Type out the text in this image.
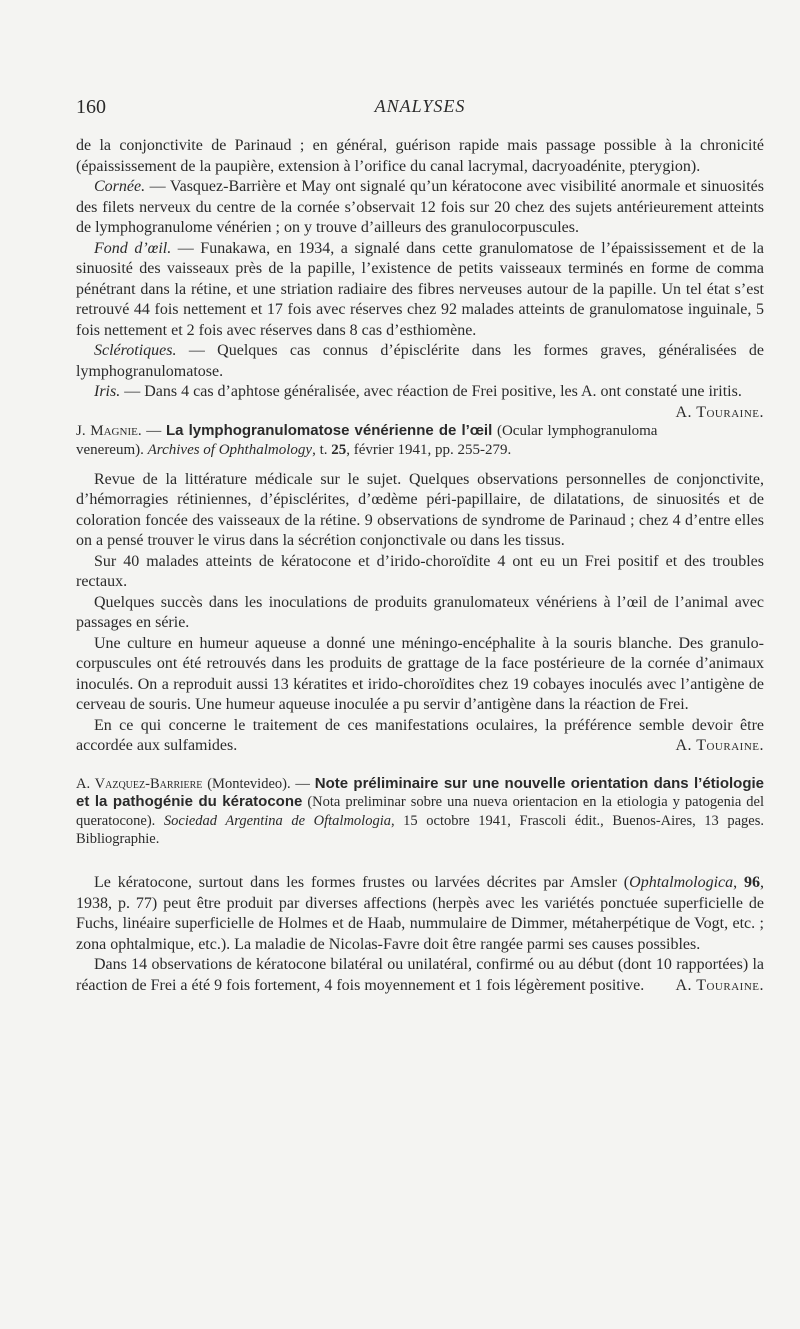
160	ANALYSES

de la conjonctivite de Parinaud ; en général, guérison rapide mais passage possible à la chronicité (épaississement de la paupière, extension à l’orifice du canal lacrymal, dacryoadénite, pterygion).

Cornée. — Vasquez-Barrière et May ont signalé qu’un kératocone avec visibilité anormale et sinuosités des filets nerveux du centre de la cornée s’observait 12 fois sur 20 chez des sujets antérieurement atteints de lymphogranulome vénérien ; on y trouve d’ailleurs des granulocorpuscules.

Fond d’œil. — Funakawa, en 1934, a signalé dans cette granulomatose de l’épaississement et de la sinuosité des vaisseaux près de la papille, l’existence de petits vaisseaux terminés en forme de comma pénétrant dans la rétine, et une striation radiaire des fibres nerveuses autour de la papille. Un tel état s’est retrouvé 44 fois nettement et 17 fois avec réserves chez 92 malades atteints de granulomatose inguinale, 5 fois nettement et 2 fois avec réserves dans 8 cas d’esthiomène.

Sclérotiques. — Quelques cas connus d’épisclérite dans les formes graves, généralisées de lymphogranulomatose.

Iris. — Dans 4 cas d’aphtose généralisée, avec réaction de Frei positive, les A. ont constaté une iritis.
A. Touraine.

J. Magnie. — La lymphogranulomatose vénérienne de l’œil (Ocular lymphogranuloma venereum). Archives of Ophthalmology, t. 25, février 1941, pp. 255-279.

Revue de la littérature médicale sur le sujet. Quelques observations personnelles de conjonctivite, d’hémorragies rétiniennes, d’épisclérites, d’œdème péri-papillaire, de dilatations, de sinuosités et de coloration foncée des vaisseaux de la rétine. 9 observations de syndrome de Parinaud ; chez 4 d’entre elles on a pensé trouver le virus dans la sécrétion conjonctivale ou dans les tissus.

Sur 40 malades atteints de kératocone et d’irido-choroïdite 4 ont eu un Frei positif et des troubles rectaux.

Quelques succès dans les inoculations de produits granulomateux vénériens à l’œil de l’animal avec passages en série.

Une culture en humeur aqueuse a donné une méningo-encéphalite à la souris blanche. Des granulo-corpuscules ont été retrouvés dans les produits de grattage de la face postérieure de la cornée d’animaux inoculés. On a reproduit aussi 13 kératites et irido-choroïdites chez 19 cobayes inoculés avec l’antigène de cerveau de souris. Une humeur aqueuse inoculée a pu servir d’antigène dans la réaction de Frei.

En ce qui concerne le traitement de ces manifestations oculaires, la préférence semble devoir être accordée aux sulfamides.	A. Touraine.

A. Vazquez-Barriere (Montevideo). — Note préliminaire sur une nouvelle orientation dans l’étiologie et la pathogénie du kératocone (Nota preliminar sobre una nueva orientacion en la etiologia y patogenia del queratocone). Sociedad Argentina de Oftalmologia, 15 octobre 1941, Frascoli édit., Buenos-Aires, 13 pages. Bibliographie.

Le kératocone, surtout dans les formes frustes ou larvées décrites par Amsler (Ophtalmologica, 96, 1938, p. 77) peut être produit par diverses affections (herpès avec les variétés ponctuée superficielle de Fuchs, linéaire superficielle de Holmes et de Haab, nummulaire de Dimmer, métaherpétique de Vogt, etc. ; zona ophtalmique, etc.). La maladie de Nicolas-Favre doit être rangée parmi ses causes possibles.

Dans 14 observations de kératocone bilatéral ou unilatéral, confirmé ou au début (dont 10 rapportées) la réaction de Frei a été 9 fois fortement, 4 fois moyennement et 1 fois légèrement positive.	A. Touraine.
